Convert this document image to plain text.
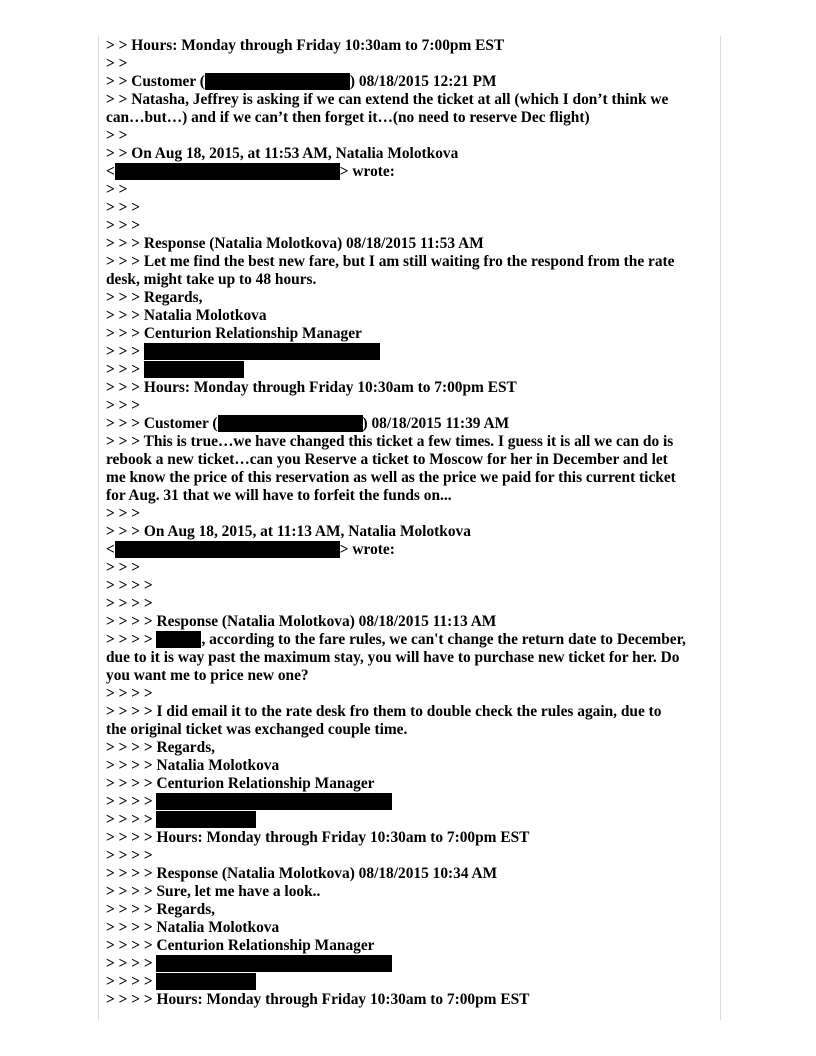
> > Hours: Monday through Friday 10:30am to 7:00pm EST
> >
> > Customer (	) 08/18/2015 12:21 PM
> > Natasha, Jeffrey is asking if we can extend the ticket at all (which I don’t think we
can…but…) and if we can’t then forget it…(no need to reserve Dec flight)
> >
> > On Aug 18, 2015, at 11:53 AM, Natalia Molotkova
<	> wrote:
> >
> > >
> > >
> > > Response (Natalia Molotkova) 08/18/2015 11:53 AM
> > > Let me find the best new fare, but I am still waiting fro the respond from the rate
desk, might take up to 48 hours.
> > > Regards,
> > > Natalia Molotkova
> > > Centurion Relationship Manager
> > >
> > >
> > > Hours: Monday through Friday 10:30am to 7:00pm EST
> > >
> > > Customer (	) 08/18/2015 11:39 AM
> > > This is true…we have changed this ticket a few times. I guess it is all we can do is
rebook a new ticket…can you Reserve a ticket to Moscow for her in December and let
me know the price of this reservation as well as the price we paid for this current ticket
for Aug. 31 that we will have to forfeit the funds on...
> > >
> > > On Aug 18, 2015, at 11:13 AM, Natalia Molotkova
<	> wrote:
> > >
> > > >
> > > >
> > > > Response (Natalia Molotkova) 08/18/2015 11:13 AM
> > > >	, according to the fare rules, we can't change the return date to December,
due to it is way past the maximum stay, you will have to purchase new ticket for her. Do
you want me to price new one?
> > > >
> > > > I did email it to the rate desk fro them to double check the rules again, due to
the original ticket was exchanged couple time.
> > > > Regards,
> > > > Natalia Molotkova
> > > > Centurion Relationship Manager
> > > >
> > > >
> > > > Hours: Monday through Friday 10:30am to 7:00pm EST
> > > >
> > > > Response (Natalia Molotkova) 08/18/2015 10:34 AM
> > > > Sure, let me have a look..
> > > > Regards,
> > > > Natalia Molotkova
> > > > Centurion Relationship Manager
> > > >
> > > >
> > > > Hours: Monday through Friday 10:30am to 7:00pm EST
